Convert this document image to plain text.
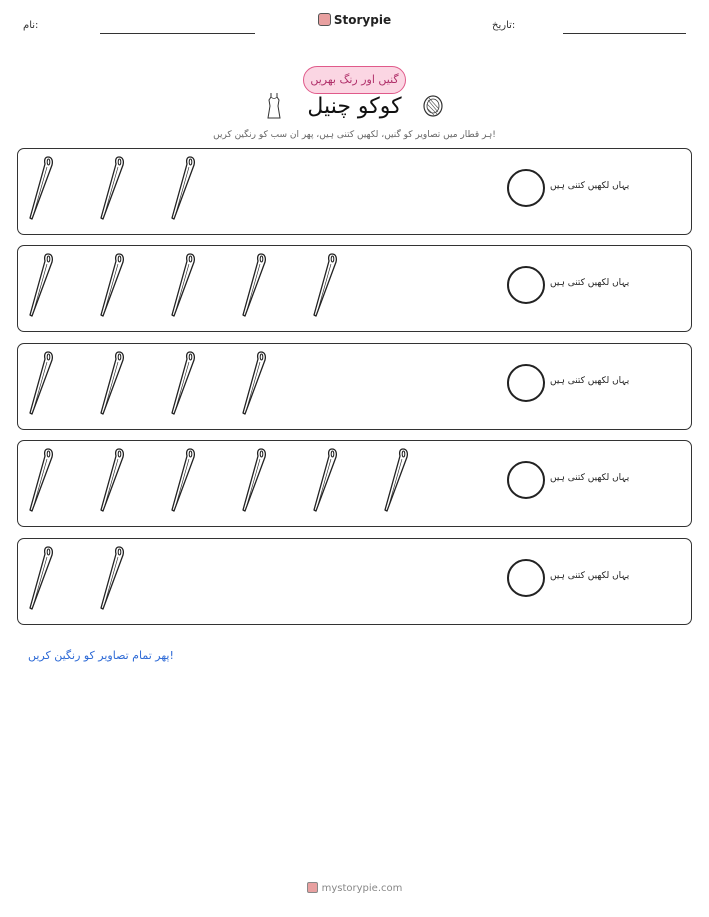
نام:	Storypie	تاریخ:
گنیں اور رنگ بھریں
کوکو چنیل
ہر قطار میں تصاویر کو گنیں، لکھیں کتنی ہیں، پھر ان سب کو رنگین کریں!
یہاں لکھیں کتنی ہیں
یہاں لکھیں کتنی ہیں
یہاں لکھیں کتنی ہیں
یہاں لکھیں کتنی ہیں
یہاں لکھیں کتنی ہیں
پھر تمام تصاویر کو رنگین کریں!
mystorypie.com
